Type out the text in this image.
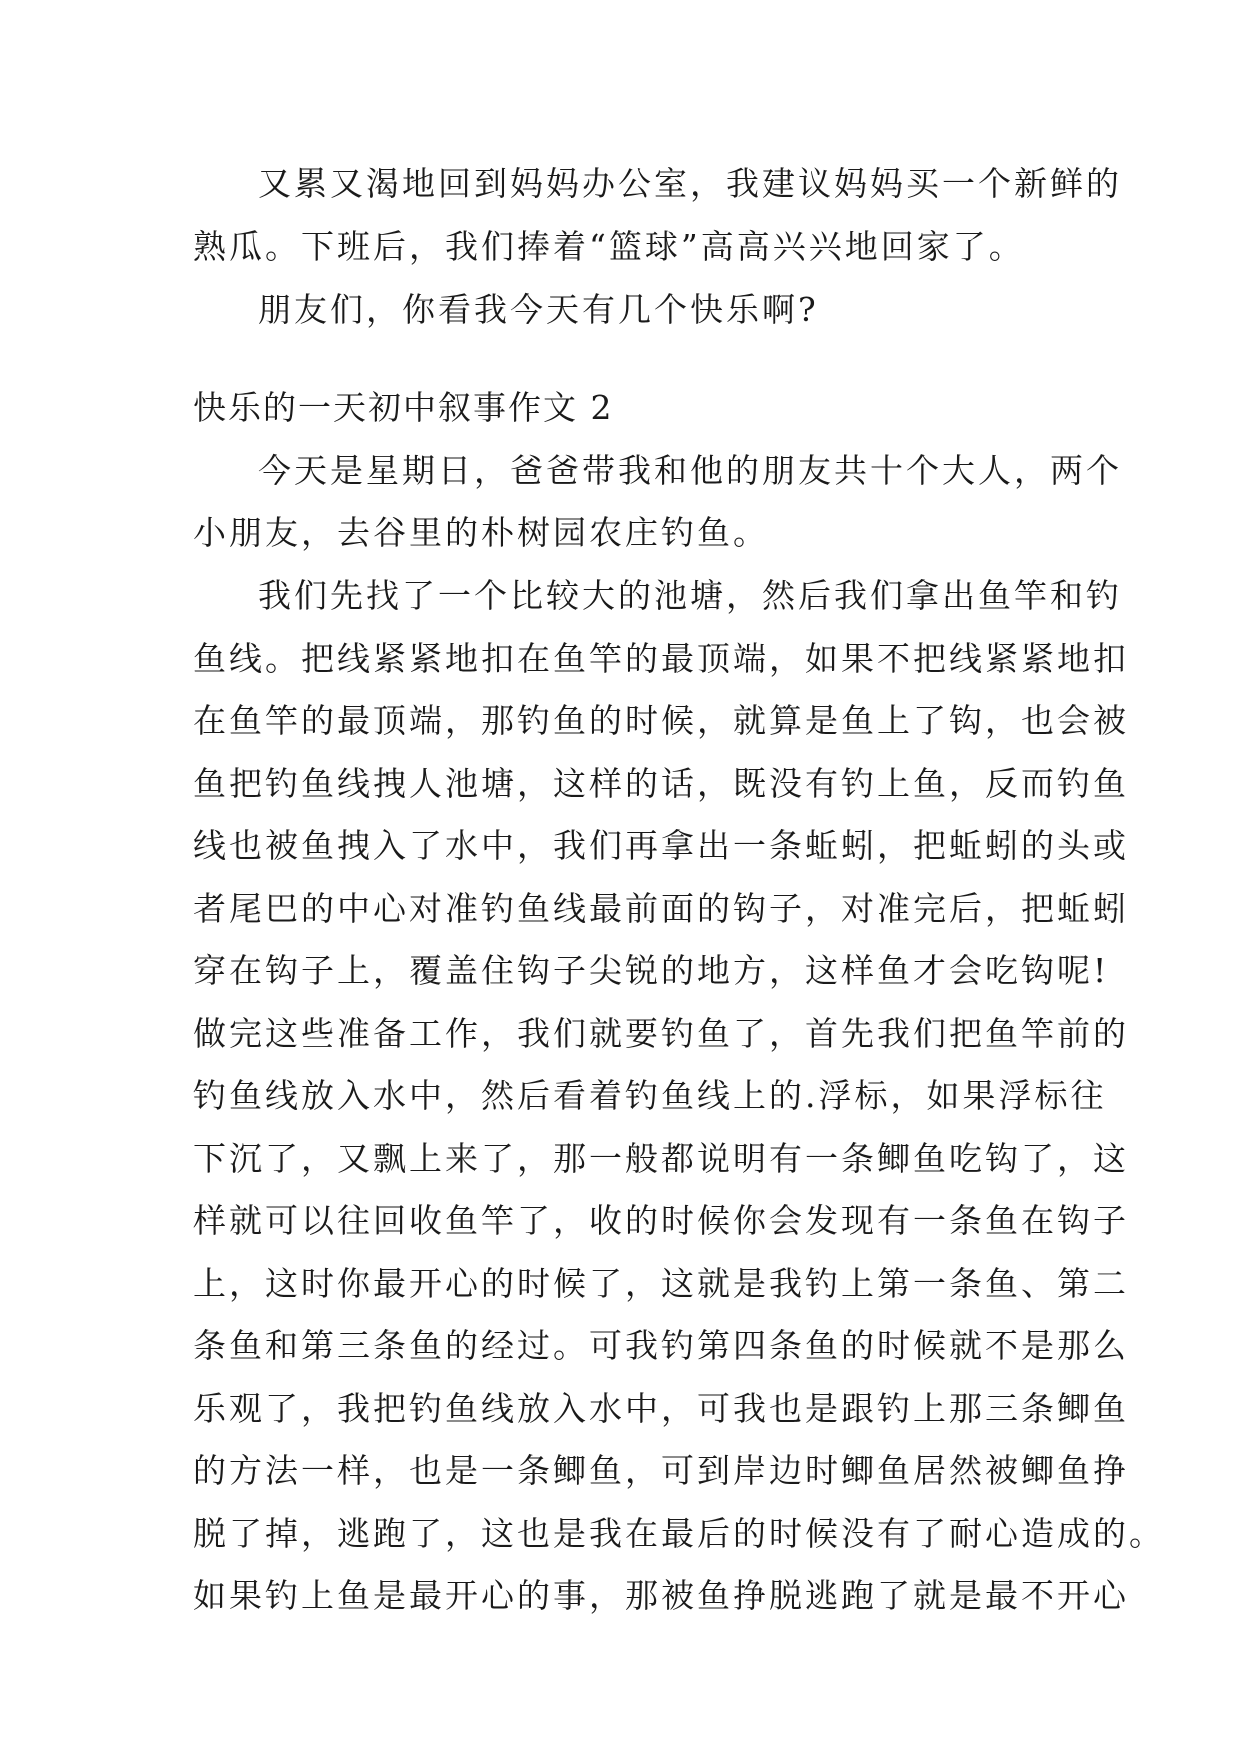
又累又渴地回到妈妈办公室，我建议妈妈买一个新鲜的
熟瓜。下班后，我们捧着“篮球”高高兴兴地回家了。
朋友们，你看我今天有几个快乐啊?
快乐的一天初中叙事作文 2
今天是星期日，爸爸带我和他的朋友共十个大人，两个
小朋友，去谷里的朴树园农庄钓鱼。
我们先找了一个比较大的池塘，然后我们拿出鱼竿和钓
鱼线。把线紧紧地扣在鱼竿的最顶端，如果不把线紧紧地扣
在鱼竿的最顶端，那钓鱼的时候，就算是鱼上了钩，也会被
鱼把钓鱼线拽人池塘，这样的话，既没有钓上鱼，反而钓鱼
线也被鱼拽入了水中，我们再拿出一条蚯蚓，把蚯蚓的头或
者尾巴的中心对准钓鱼线最前面的钩子，对准完后，把蚯蚓
穿在钩子上，覆盖住钩子尖锐的地方，这样鱼才会吃钩呢!
做完这些准备工作，我们就要钓鱼了，首先我们把鱼竿前的
钓鱼线放入水中，然后看着钓鱼线上的.浮标，如果浮标往
下沉了，又飘上来了，那一般都说明有一条鲫鱼吃钩了，这
样就可以往回收鱼竿了，收的时候你会发现有一条鱼在钩子
上，这时你最开心的时候了，这就是我钓上第一条鱼、第二
条鱼和第三条鱼的经过。可我钓第四条鱼的时候就不是那么
乐观了，我把钓鱼线放入水中，可我也是跟钓上那三条鲫鱼
的方法一样，也是一条鲫鱼，可到岸边时鲫鱼居然被鲫鱼挣
脱了掉，逃跑了，这也是我在最后的时候没有了耐心造成的。
如果钓上鱼是最开心的事，那被鱼挣脱逃跑了就是最不开心
